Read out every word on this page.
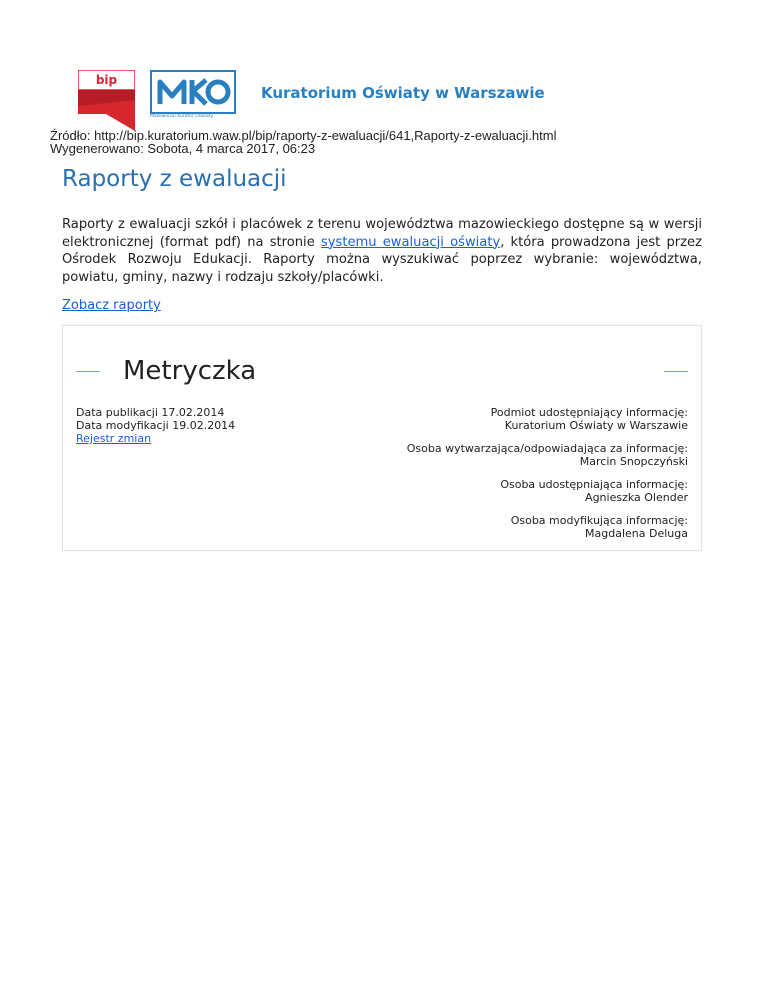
bip
Mazowiecki Kurator Oświaty
Kuratorium Oświaty w Warszawie
Źródło: http://bip.kuratorium.waw.pl/bip/raporty-z-ewaluacji/641,Raporty-z-ewaluacji.html
Wygenerowano: Sobota, 4 marca 2017, 06:23
Raporty z ewaluacji
Raporty z ewaluacji szkół i placówek z terenu województwa mazowieckiego dostępne są w wersji elektronicznej (format pdf) na stronie systemu ewaluacji oświaty, która prowadzona jest przez Ośrodek Rozwoju Edukacji. Raporty można wyszukiwać poprzez wybranie: województwa, powiatu, gminy, nazwy i rodzaju szkoły/placówki.
Zobacz raporty
Metryczka
Data publikacji 17.02.2014
Data modyfikacji 19.02.2014
Rejestr zmian
Podmiot udostępniający informację:
Kuratorium Oświaty w Warszawie
Osoba wytwarzająca/odpowiadająca za informację:
Marcin Snopczyński
Osoba udostępniająca informację:
Agnieszka Olender
Osoba modyfikująca informację:
Magdalena Deluga
